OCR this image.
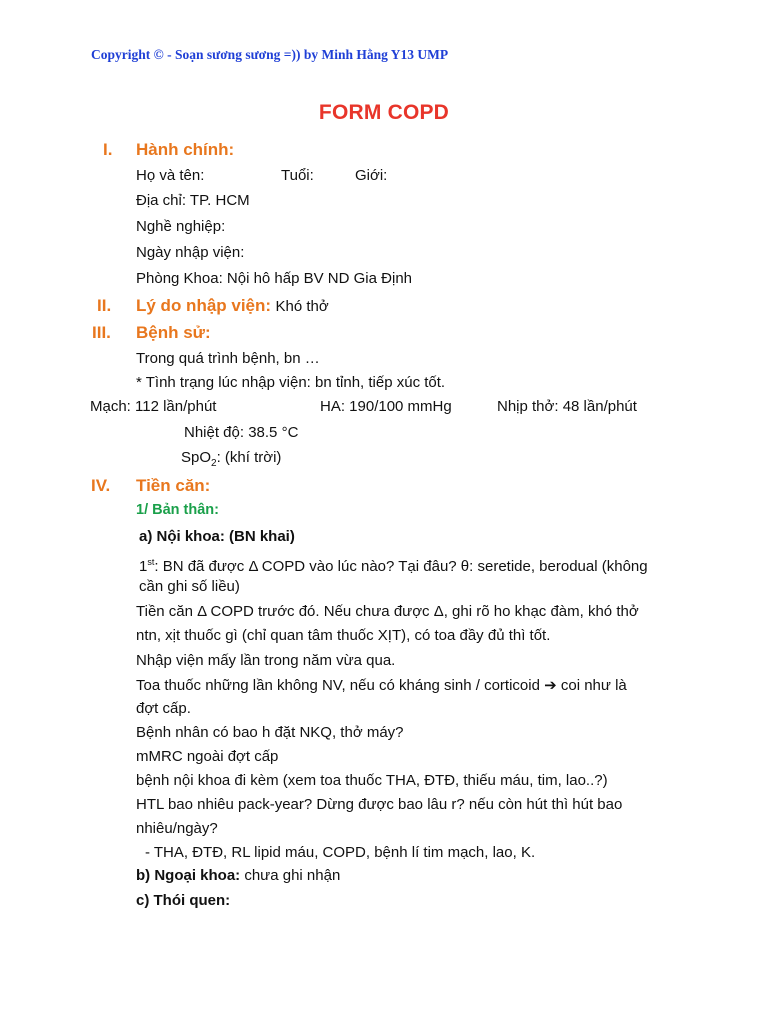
Copyright © - Soạn sương sương =)) by Minh Hằng Y13 UMP
FORM COPD
I. Hành chính:
Họ và tên:	Tuổi:	Giới:
Địa chỉ: TP. HCM
Nghề nghiệp:
Ngày nhập viện:
Phòng Khoa: Nội hô hấp BV ND Gia Định
II. Lý do nhập viện: Khó thở
III. Bệnh sử:
Trong quá trình bệnh, bn …
* Tình trạng lúc nhập viện: bn tỉnh, tiếp xúc tốt.
Mạch: 112 lần/phút	HA: 190/100 mmHg	Nhịp thở: 48 lần/phút
Nhiệt độ: 38.5 °C
SpO$_2$: (khí trời)
IV. Tiền căn:
1/ Bản thân:
a) Nội khoa: (BN khai)
1st: BN đã được Δ COPD vào lúc nào? Tại đâu? θ: seretide, berodual (không
cần ghi số liều)
Tiền căn Δ COPD trước đó. Nếu chưa được Δ, ghi rõ ho khạc đàm, khó thở
ntn, xịt thuốc gì (chỉ quan tâm thuốc XỊT), có toa đầy đủ thì tốt.
Nhập viện mấy lần trong năm vừa qua.
Toa thuốc những lần không NV, nếu có kháng sinh / corticoid ➔ coi như là
đợt cấp.
Bệnh nhân có bao h đặt NKQ, thở máy?
mMRC ngoài đợt cấp
bệnh nội khoa đi kèm (xem toa thuốc THA, ĐTĐ, thiếu máu, tim, lao..?)
HTL bao nhiêu pack-year? Dừng được bao lâu r? nếu còn hút thì hút bao
nhiêu/ngày?
- THA, ĐTĐ, RL lipid máu, COPD, bệnh lí tim mạch, lao, K.
b) Ngoại khoa: chưa ghi nhận
c) Thói quen:
